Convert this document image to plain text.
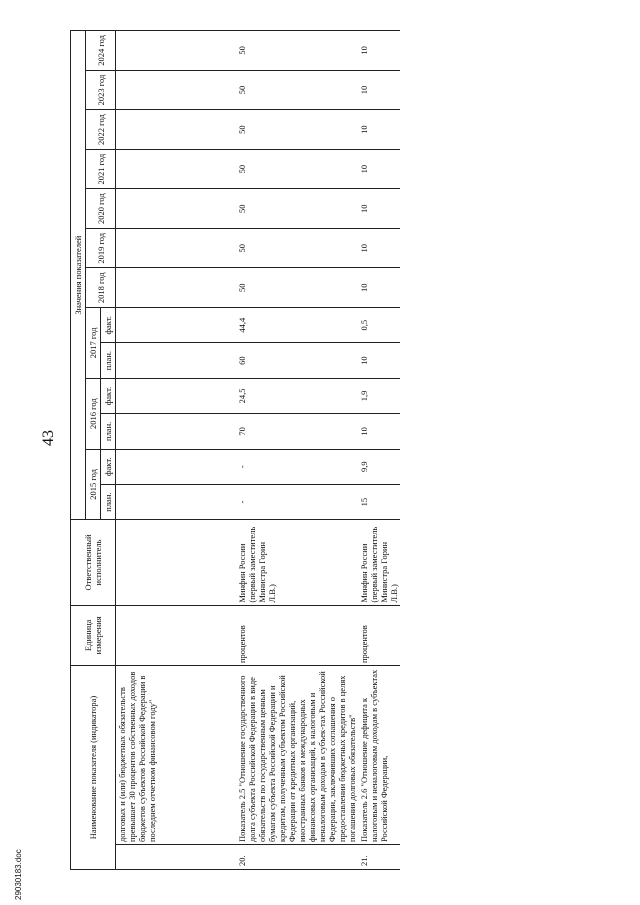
43
29030183.doc
Наименование показателя (индикатора)		Единица измерения	Ответственный исполнитель	Значения показателей												
				2015 год		2016 год		2017 год		2018 год	2019 год	2020 год	2021 год	2022 год	2023 год	2024 год
				план.	факт.	план.	факт.	план.	факт.							
	долговых и (или) бюджетных обязательств превышает 30 процентов собственных доходов бюджетов субъектов Российской Федерации в последнем отчетном финансовом году"															
20.	Показатель 2.5 "Отношение государственного долга субъекта Российской Федерации в виде обязательств по государственным ценным бумагам субъекта Российской Федерации и кредитам, полученным субъектом Российской Федерации от кредитных организаций, иностранных банков и международных финансовых организаций, к налоговым и неналоговым доходам в субъек-тах Российской Федерации, заключивших соглашения о предоставлении бюджетных кредитов в целях погашения долговых обязательств"	процентов	Минфин России (первый заместитель Министра Горин Л.В.)	-	-	70	24,5	60	44,4	50	50	50	50	50	50	50
21.	Показатель 2.6 "Отношение дефицита к налоговым и неналоговым доходам в субъектах Российской Федерации,	процентов	Минфин России (первый заместитель Министра Горин Л.В.)	15	9,9	10	1,9	10	0,5	10	10	10	10	10	10	10
